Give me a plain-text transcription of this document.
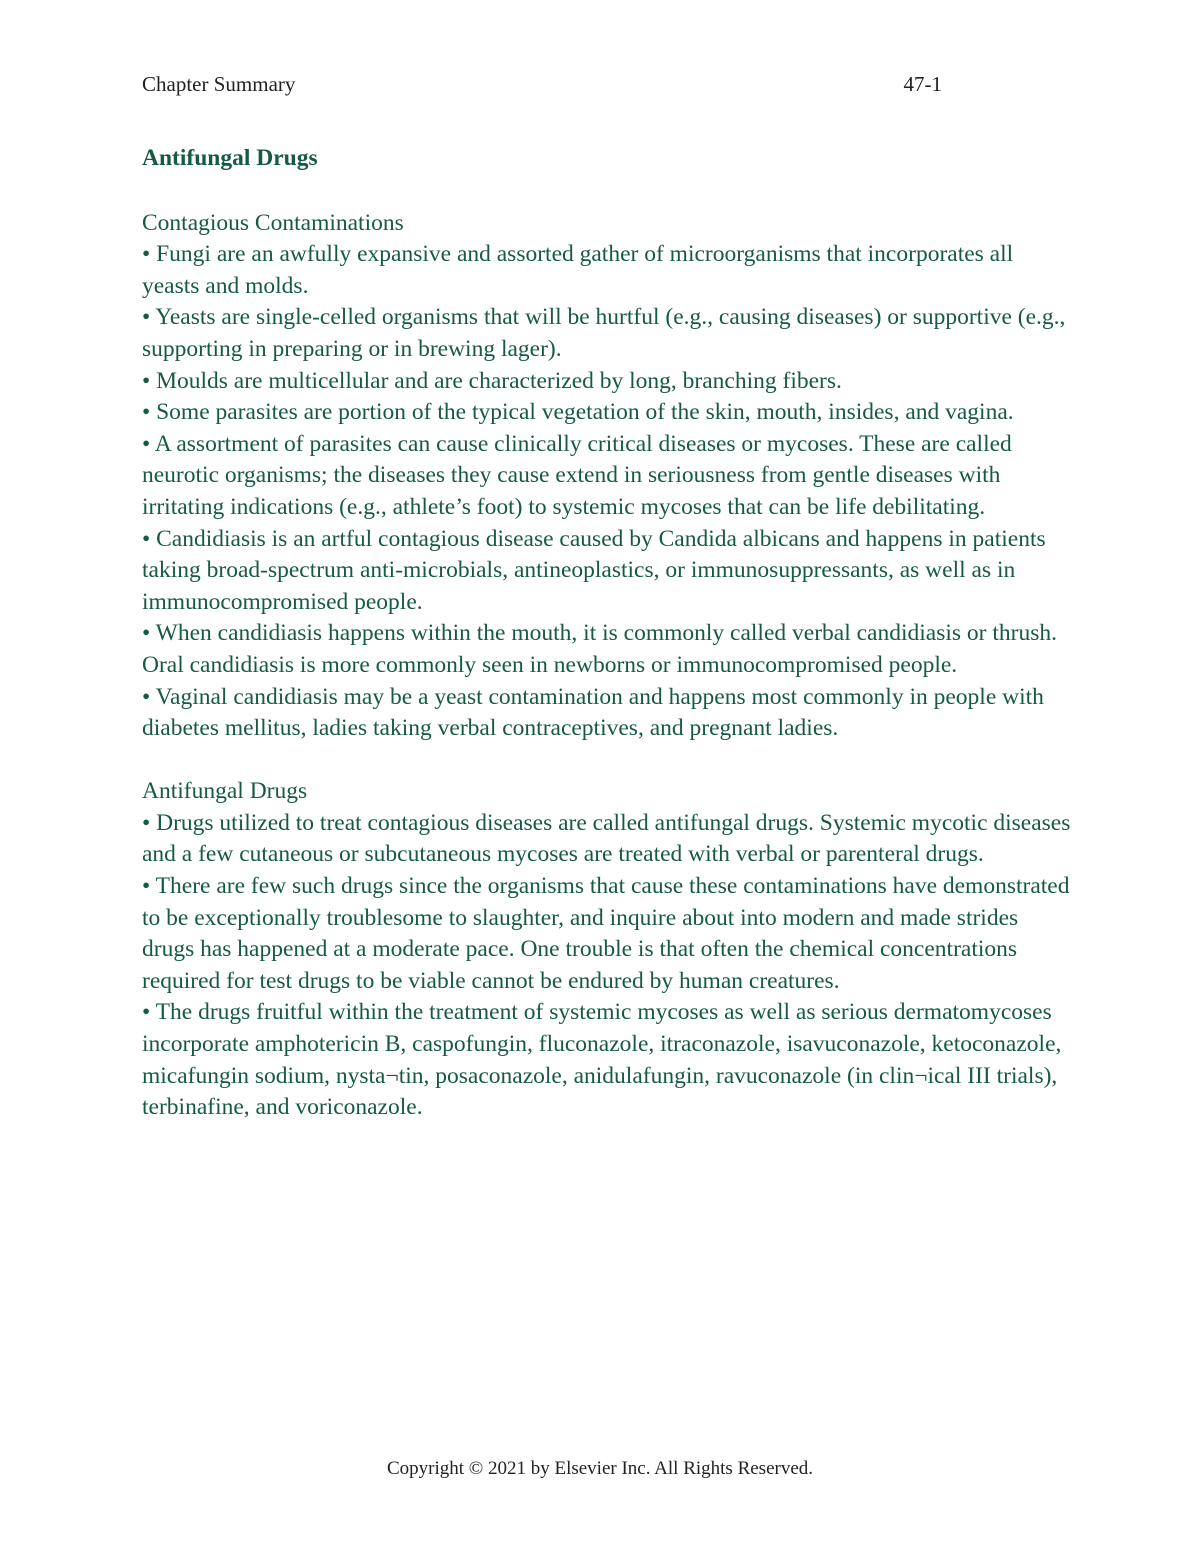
Chapter Summary	47-1
Antifungal Drugs

Contagious Contaminations

• Fungi are an awfully expansive and assorted gather of microorganisms that incorporates all yeasts and molds.
• Yeasts are single-celled organisms that will be hurtful (e.g., causing diseases) or supportive (e.g., supporting in preparing or in brewing lager).
• Moulds are multicellular and are characterized by long, branching fibers.
• Some parasites are portion of the typical vegetation of the skin, mouth, insides, and vagina.
• A assortment of parasites can cause clinically critical diseases or mycoses. These are called neurotic organisms; the diseases they cause extend in seriousness from gentle diseases with irritating indications (e.g., athlete’s foot) to systemic mycoses that can be life debilitating.
• Candidiasis is an artful contagious disease caused by Candida albicans and happens in patients taking broad-spectrum anti-microbials, antineoplastics, or immunosuppressants, as well as in immunocompromised people.
• When candidiasis happens within the mouth, it is commonly called verbal candidiasis or thrush. Oral candidiasis is more commonly seen in newborns or immunocompromised people.
• Vaginal candidiasis may be a yeast contamination and happens most commonly in people with diabetes mellitus, ladies taking verbal contraceptives, and pregnant ladies.

Antifungal Drugs

• Drugs utilized to treat contagious diseases are called antifungal drugs. Systemic mycotic diseases and a few cutaneous or subcutaneous mycoses are treated with verbal or parenteral drugs.
• There are few such drugs since the organisms that cause these contaminations have demonstrated to be exceptionally troublesome to slaughter, and inquire about into modern and made strides drugs has happened at a moderate pace. One trouble is that often the chemical concentrations required for test drugs to be viable cannot be endured by human creatures.
• The drugs fruitful within the treatment of systemic mycoses as well as serious dermatomycoses incorporate amphotericin B, caspofungin, fluconazole, itraconazole, isavuconazole, ketoconazole, micafungin sodium, nysta¬tin, posaconazole, anidulafungin, ravuconazole (in clin¬ical III trials), terbinafine, and voriconazole.
Copyright © 2021 by Elsevier Inc. All Rights Reserved.
